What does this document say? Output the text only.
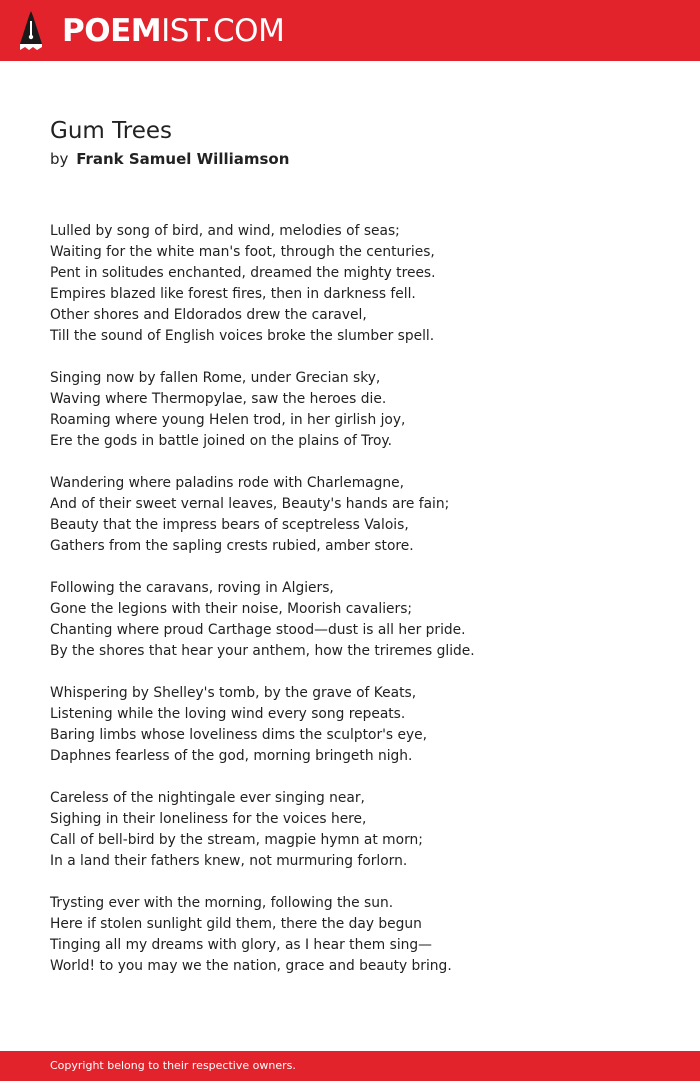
POEMIST.COM
Gum Trees
by Frank Samuel Williamson
Lulled by song of bird, and wind, melodies of seas;
Waiting for the white man's foot, through the centuries,
Pent in solitudes enchanted, dreamed the mighty trees.
Empires blazed like forest fires, then in darkness fell.
Other shores and Eldorados drew the caravel,
Till the sound of English voices broke the slumber spell.
Singing now by fallen Rome, under Grecian sky,
Waving where Thermopylae, saw the heroes die.
Roaming where young Helen trod, in her girlish joy,
Ere the gods in battle joined on the plains of Troy.
Wandering where paladins rode with Charlemagne,
And of their sweet vernal leaves, Beauty's hands are fain;
Beauty that the impress bears of sceptreless Valois,
Gathers from the sapling crests rubied, amber store.
Following the caravans, roving in Algiers,
Gone the legions with their noise, Moorish cavaliers;
Chanting where proud Carthage stood—dust is all her pride.
By the shores that hear your anthem, how the triremes glide.
Whispering by Shelley's tomb, by the grave of Keats,
Listening while the loving wind every song repeats.
Baring limbs whose loveliness dims the sculptor's eye,
Daphnes fearless of the god, morning bringeth nigh.
Careless of the nightingale ever singing near,
Sighing in their loneliness for the voices here,
Call of bell-bird by the stream, magpie hymn at morn;
In a land their fathers knew, not murmuring forlorn.
Trysting ever with the morning, following the sun.
Here if stolen sunlight gild them, there the day begun
Tinging all my dreams with glory, as I hear them sing—
World! to you may we the nation, grace and beauty bring.
Copyright belong to their respective owners.
